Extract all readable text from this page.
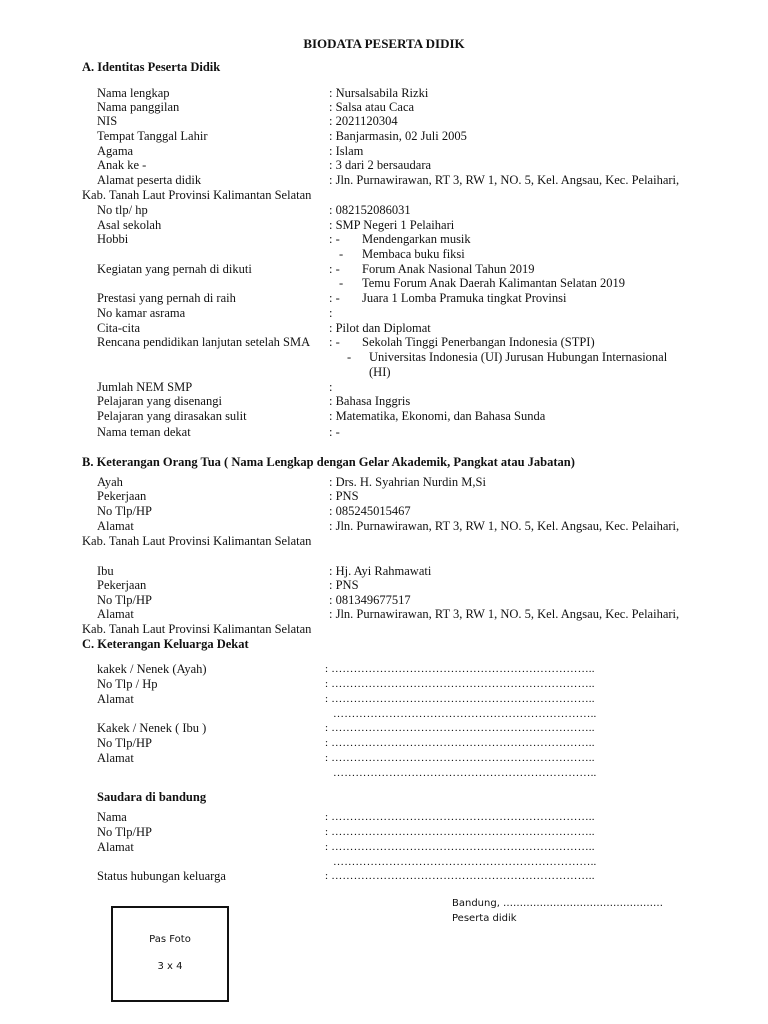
BIODATA PESERTA DIDIK
A. Identitas Peserta Didik
Nama lengkap	: Nursalsabila Rizki
Nama panggilan	: Salsa atau Caca
NIS	: 2021120304
Tempat Tanggal Lahir	: Banjarmasin, 02 Juli 2005
Agama	: Islam
Anak ke -	: 3 dari 2 bersaudara
Alamat peserta didik	: Jln. Purnawirawan, RT 3, RW 1, NO. 5, Kel. Angsau, Kec. Pelaihari,
Kab. Tanah Laut Provinsi Kalimantan Selatan
No tlp/ hp	: 082152086031
Asal sekolah	: SMP Negeri 1 Pelaihari
Hobbi	: - Mendengarkan musik
- Membaca buku fiksi
Kegiatan yang pernah di dikuti	: - Forum Anak Nasional Tahun 2019
- Temu Forum Anak Daerah Kalimantan Selatan 2019
Prestasi yang pernah di raih	: - Juara 1 Lomba Pramuka tingkat Provinsi
No kamar asrama	:
Cita-cita	: Pilot dan Diplomat
Rencana pendidikan lanjutan setelah SMA : - Sekolah Tinggi Penerbangan Indonesia (STPI)
- Universitas Indonesia (UI) Jurusan Hubungan Internasional
(HI)
Jumlah NEM SMP	:
Pelajaran yang disenangi	: Bahasa Inggris
Pelajaran yang dirasakan sulit	: Matematika, Ekonomi, dan Bahasa Sunda
Nama teman dekat	: -
B. Keterangan Orang Tua ( Nama Lengkap dengan Gelar Akademik, Pangkat atau Jabatan)
Ayah	: Drs. H. Syahrian Nurdin M,Si
Pekerjaan	: PNS
No Tlp/HP	: 085245015467
Alamat	: Jln. Purnawirawan, RT 3, RW 1, NO. 5, Kel. Angsau, Kec. Pelaihari,
Kab. Tanah Laut Provinsi Kalimantan Selatan
Ibu	: Hj. Ayi Rahmawati
Pekerjaan	: PNS
No Tlp/HP	: 081349677517
Alamat	: Jln. Purnawirawan, RT 3, RW 1, NO. 5, Kel. Angsau, Kec. Pelaihari,
Kab. Tanah Laut Provinsi Kalimantan Selatan
C. Keterangan Keluarga Dekat
kakek / Nenek (Ayah)	: ……………………………………………………………..
No Tlp / Hp	: ……………………………………………………………..
Alamat	: ……………………………………………………………..
……………………………………………………………..
Kakek / Nenek ( Ibu )	: ……………………………………………………………..
No Tlp/HP	: ……………………………………………………………..
Alamat	: ……………………………………………………………..
……………………………………………………………..
Saudara di bandung
Nama	: ……………………………………………………………..
No Tlp/HP	: ……………………………………………………………..
Alamat	: ……………………………………………………………..
……………………………………………………………..
Status hubungan keluarga	: ……………………………………………………………..
Bandung, …………………………………………
Peserta didik
Pas Foto
3 x 4
